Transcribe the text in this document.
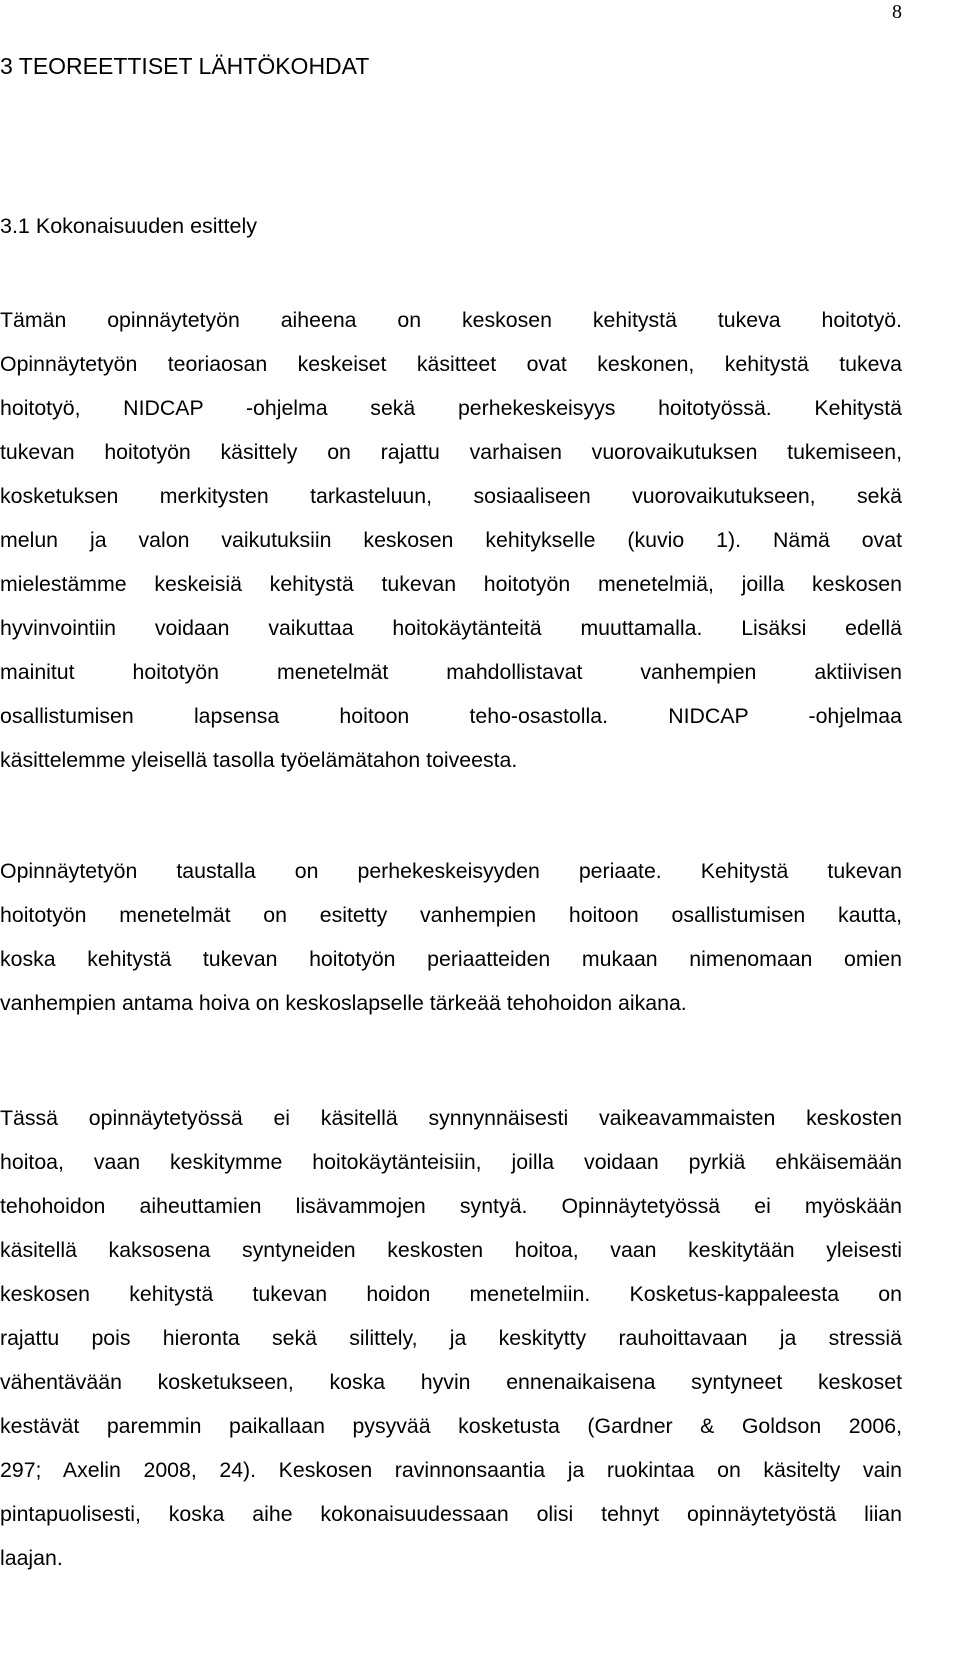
8
3 TEOREETTISET LÄHTÖKOHDAT
3.1 Kokonaisuuden esittely
Tämän opinnäytetyön aiheena on keskosen kehitystä tukeva hoitotyö.
Opinnäytetyön teoriaosan keskeiset käsitteet ovat keskonen, kehitystä tukeva
hoitotyö, NIDCAP -ohjelma sekä perhekeskeisyys hoitotyössä. Kehitystä
tukevan hoitotyön käsittely on rajattu varhaisen vuorovaikutuksen tukemiseen,
kosketuksen merkitysten tarkasteluun, sosiaaliseen vuorovaikutukseen, sekä
melun ja valon vaikutuksiin keskosen kehitykselle (kuvio 1). Nämä ovat
mielestämme keskeisiä kehitystä tukevan hoitotyön menetelmiä, joilla keskosen
hyvinvointiin voidaan vaikuttaa hoitokäytänteitä muuttamalla. Lisäksi edellä
mainitut hoitotyön menetelmät mahdollistavat vanhempien aktiivisen
osallistumisen lapsensa hoitoon teho-osastolla. NIDCAP -ohjelmaa
käsittelemme yleisellä tasolla työelämätahon toiveesta.
Opinnäytetyön taustalla on perhekeskeisyyden periaate. Kehitystä tukevan
hoitotyön menetelmät on esitetty vanhempien hoitoon osallistumisen kautta,
koska kehitystä tukevan hoitotyön periaatteiden mukaan nimenomaan omien
vanhempien antama hoiva on keskoslapselle tärkeää tehohoidon aikana.
Tässä opinnäytetyössä ei käsitellä synnynnäisesti vaikeavammaisten keskosten
hoitoa, vaan keskitymme hoitokäytänteisiin, joilla voidaan pyrkiä ehkäisemään
tehohoidon aiheuttamien lisävammojen syntyä. Opinnäytetyössä ei myöskään
käsitellä kaksosena syntyneiden keskosten hoitoa, vaan keskitytään yleisesti
keskosen kehitystä tukevan hoidon menetelmiin. Kosketus-kappaleesta on
rajattu pois hieronta sekä silittely, ja keskitytty rauhoittavaan ja stressiä
vähentävään kosketukseen, koska hyvin ennenaikaisena syntyneet keskoset
kestävät paremmin paikallaan pysyvää kosketusta (Gardner & Goldson 2006,
297; Axelin 2008, 24). Keskosen ravinnonsaantia ja ruokintaa on käsitelty vain
pintapuolisesti, koska aihe kokonaisuudessaan olisi tehnyt opinnäytetyöstä liian
laajan.
